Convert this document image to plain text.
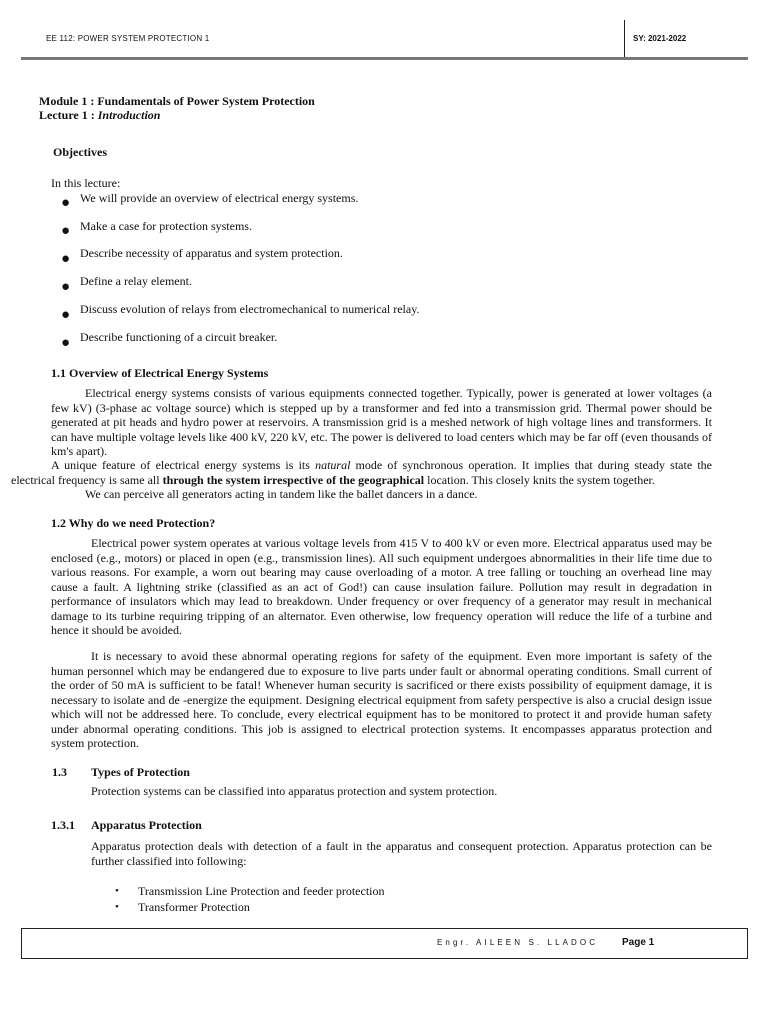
EE 112: POWER SYSTEM PROTECTION 1	SY: 2021-2022
Module 1 : Fundamentals of Power System Protection
Lecture 1 : Introduction
Objectives
In this lecture:
● We will provide an overview of electrical energy systems.
● Make a case for protection systems.
● Describe necessity of apparatus and system protection.
● Define a relay element.
● Discuss evolution of relays from electromechanical to numerical relay.
● Describe functioning of a circuit breaker.
1.1 Overview of Electrical Energy Systems
Electrical energy systems consists of various equipments connected together. Typically, power is generated at lower voltages (a few kV) (3-phase ac voltage source) which is stepped up by a transformer and fed into a transmission grid. Thermal power should be generated at pit heads and hydro power at reservoirs. A transmission grid is a meshed network of high voltage lines and transformers. It can have multiple voltage levels like 400 kV, 220 kV, etc. The power is delivered to load centers which may be far off (even thousands of km's apart).
A unique feature of electrical energy systems is its natural mode of synchronous operation. It implies that during steady state the electrical frequency is same all through the system irrespective of the geographical location. This closely knits the system together.
We can perceive all generators acting in tandem like the ballet dancers in a dance.
1.2 Why do we need Protection?
Electrical power system operates at various voltage levels from 415 V to 400 kV or even more. Electrical apparatus used may be enclosed (e.g., motors) or placed in open (e.g., transmission lines). All such equipment undergoes abnormalities in their life time due to various reasons. For example, a worn out bearing may cause overloading of a motor. A tree falling or touching an overhead line may cause a fault. A lightning strike (classified as an act of God!) can cause insulation failure. Pollution may result in degradation in performance of insulators which may lead to breakdown. Under frequency or over frequency of a generator may result in mechanical damage to its turbine requiring tripping of an alternator. Even otherwise, low frequency operation will reduce the life of a turbine and hence it should be avoided.
It is necessary to avoid these abnormal operating regions for safety of the equipment. Even more important is safety of the human personnel which may be endangered due to exposure to live parts under fault or abnormal operating conditions. Small current of the order of 50 mA is sufficient to be fatal! Whenever human security is sacrificed or there exists possibility of equipment damage, it is necessary to isolate and de -energize the equipment. Designing electrical equipment from safety perspective is also a crucial design issue which will not be addressed here. To conclude, every electrical equipment has to be monitored to protect it and provide human safety under abnormal operating conditions. This job is assigned to electrical protection systems. It encompasses apparatus protection and system protection.
1.3 Types of Protection
Protection systems can be classified into apparatus protection and system protection.
1.3.1 Apparatus Protection
Apparatus protection deals with detection of a fault in the apparatus and consequent protection. Apparatus protection can be further classified into following:
• Transmission Line Protection and feeder protection
• Transformer Protection
Engr. AILEEN S. LLADOC Page 1
